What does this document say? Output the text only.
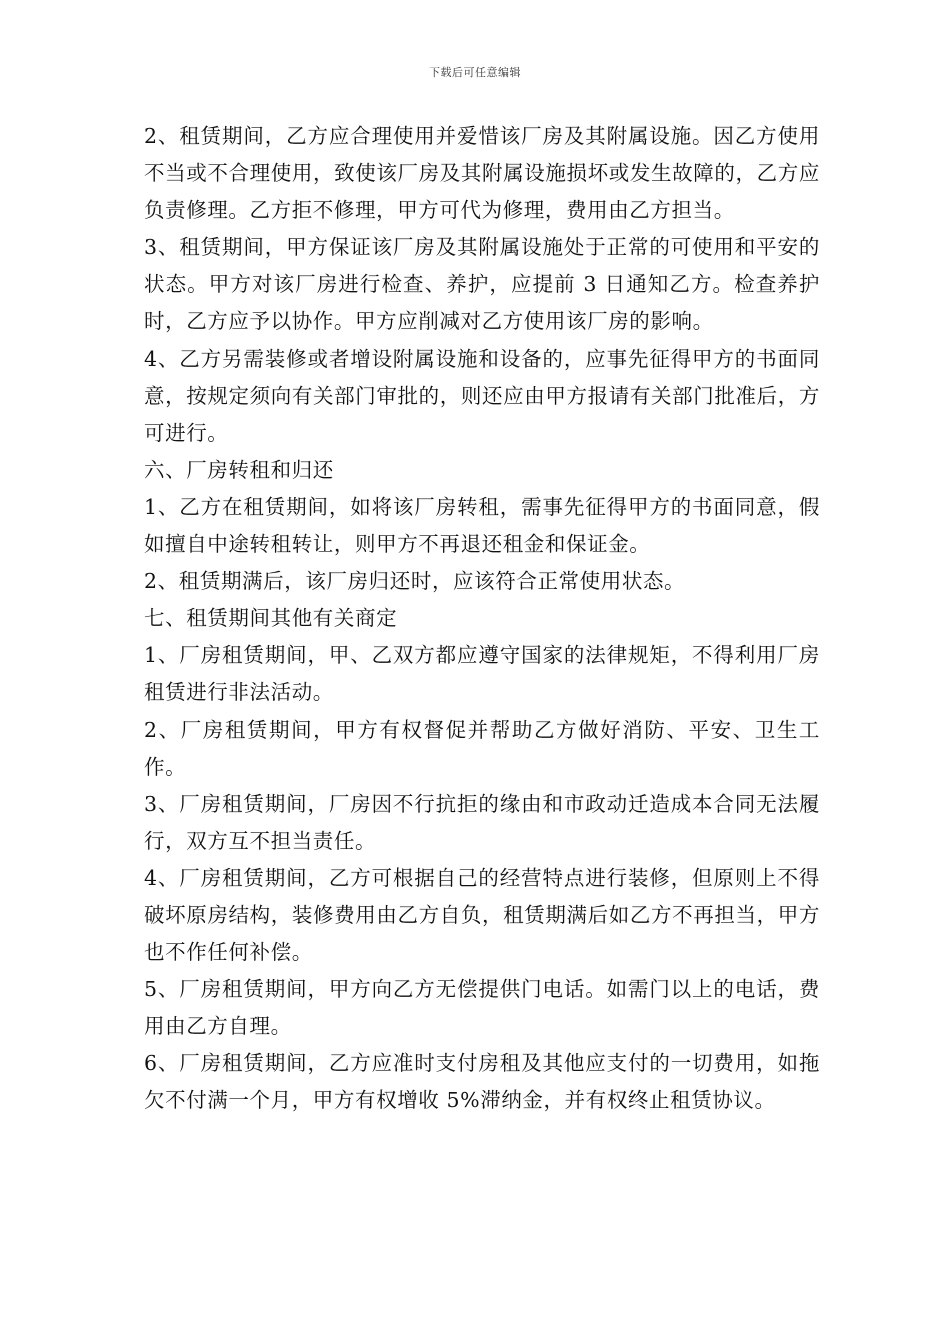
下载后可任意编辑

2、租赁期间，乙方应合理使用并爱惜该厂房及其附属设施。因乙方使用不当或不合理使用，致使该厂房及其附属设施损坏或发生故障的，乙方应负责修理。乙方拒不修理，甲方可代为修理，费用由乙方担当。

3、租赁期间，甲方保证该厂房及其附属设施处于正常的可使用和平安的状态。甲方对该厂房进行检查、养护，应提前 3 日通知乙方。检查养护时，乙方应予以协作。甲方应削减对乙方使用该厂房的影响。

4、乙方另需装修或者增设附属设施和设备的，应事先征得甲方的书面同意，按规定须向有关部门审批的，则还应由甲方报请有关部门批准后，方可进行。

六、厂房转租和归还

1、乙方在租赁期间，如将该厂房转租，需事先征得甲方的书面同意，假如擅自中途转租转让，则甲方不再退还租金和保证金。

2、租赁期满后，该厂房归还时，应该符合正常使用状态。

七、租赁期间其他有关商定

1、厂房租赁期间，甲、乙双方都应遵守国家的法律规矩，不得利用厂房租赁进行非法活动。

2、厂房租赁期间，甲方有权督促并帮助乙方做好消防、平安、卫生工作。

3、厂房租赁期间，厂房因不行抗拒的缘由和市政动迁造成本合同无法履行，双方互不担当责任。

4、厂房租赁期间，乙方可根据自己的经营特点进行装修，但原则上不得破坏原房结构，装修费用由乙方自负，租赁期满后如乙方不再担当，甲方也不作任何补偿。

5、厂房租赁期间，甲方向乙方无偿提供门电话。如需门以上的电话，费用由乙方自理。

6、厂房租赁期间，乙方应准时支付房租及其他应支付的一切费用，如拖欠不付满一个月，甲方有权增收 5%滞纳金，并有权终止租赁协议。
